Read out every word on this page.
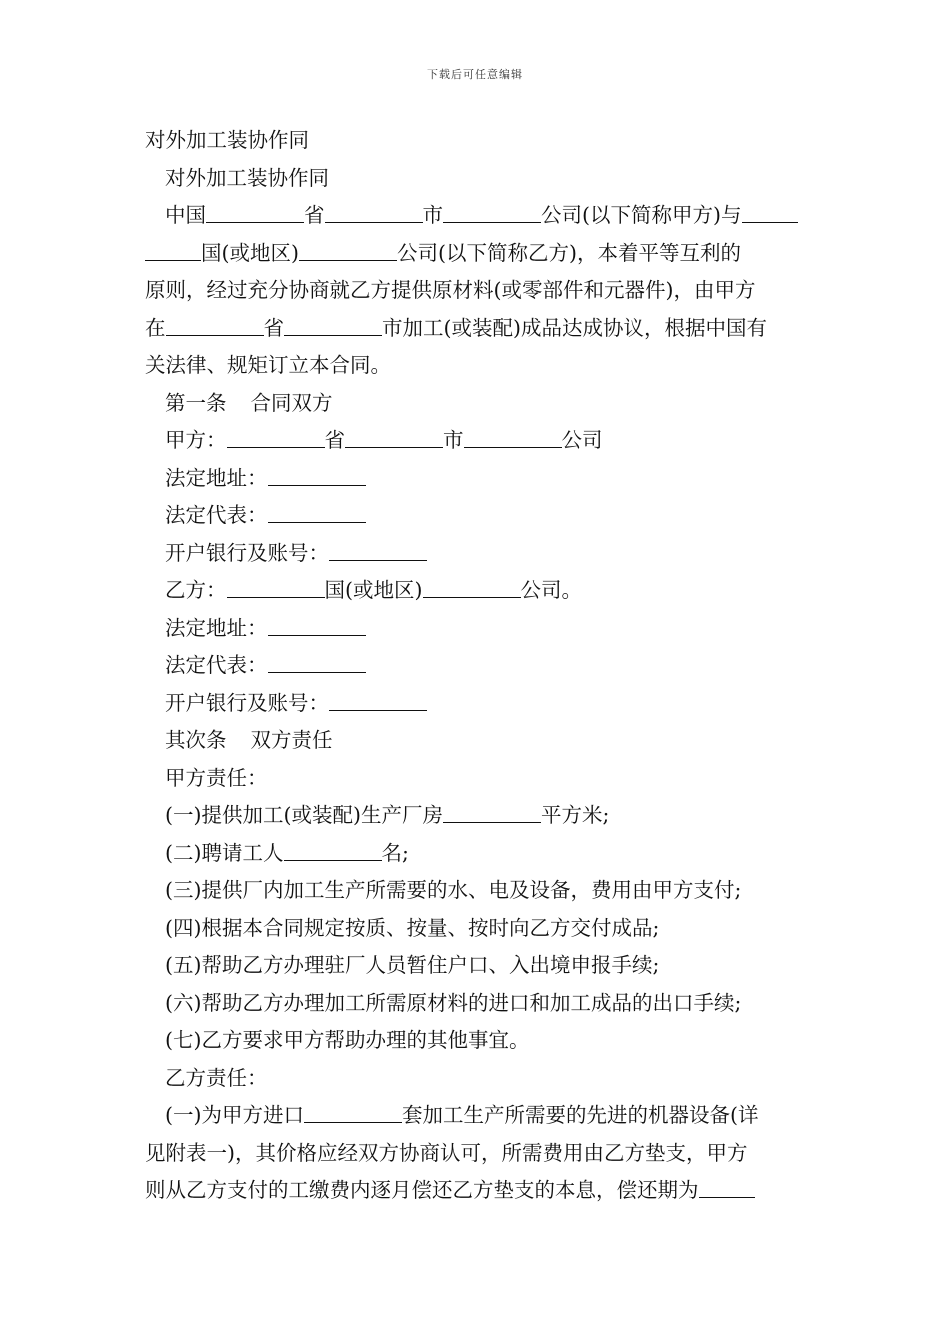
下载后可任意编辑

对外加工装协作同

对外加工装协作同

中国	省	市	公司(以下简称甲方)与

国(或地区)	公司(以下简称乙方)，本着平等互利的

原则，经过充分协商就乙方提供原材料(或零部件和元器件)，由甲方

在	省	市加工(或装配)成品达成协议，根据中国有

关法律、规矩订立本合同。

第一条 合同双方

甲方：	省	市	公司

法定地址：

法定代表：

开户银行及账号：

乙方：	国(或地区)	公司。

法定地址：

法定代表：

开户银行及账号：

其次条 双方责任

甲方责任：

(一)提供加工(或装配)生产厂房	平方米;

(二)聘请工人	名;

(三)提供厂内加工生产所需要的水、电及设备，费用由甲方支付;

(四)根据本合同规定按质、按量、按时向乙方交付成品;

(五)帮助乙方办理驻厂人员暂住户口、入出境申报手续;

(六)帮助乙方办理加工所需原材料的进口和加工成品的出口手续;

(七)乙方要求甲方帮助办理的其他事宜。

乙方责任：

(一)为甲方进口	套加工生产所需要的先进的机器设备(详

见附表一)，其价格应经双方协商认可，所需费用由乙方垫支，甲方

则从乙方支付的工缴费内逐月偿还乙方垫支的本息，偿还期为
